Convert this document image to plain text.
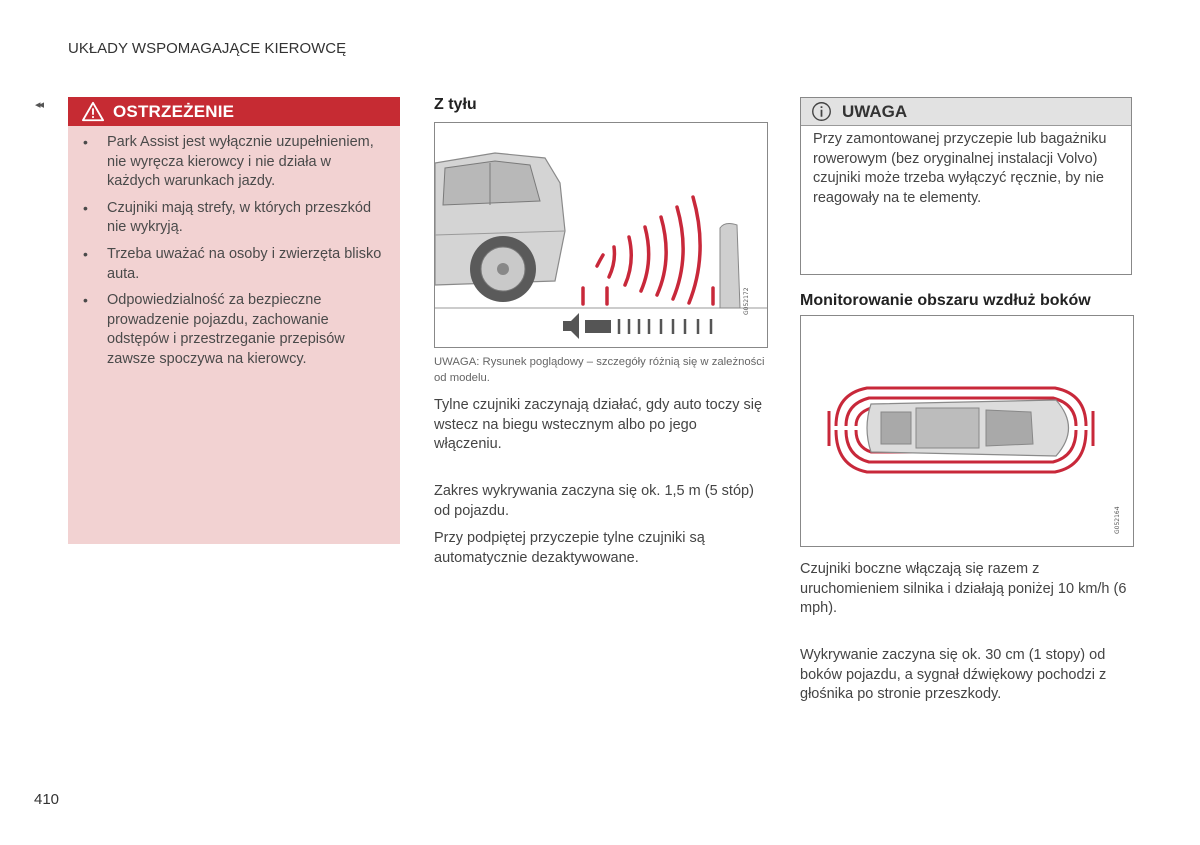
UKŁADY WSPOMAGAJĄCE KIEROWCĘ
◂◂	OSTRZEŻENIE
• Park Assist jest wyłącznie uzupełnieniem, nie wyręcza kierowcy i nie działa w każdych warunkach jazdy.
• Czujniki mają strefy, w których przeszkód nie wykryją.
• Trzeba uważać na osoby i zwierzęta blisko auta.
• Odpowiedzialność za bezpieczne prowadzenie pojazdu, zachowanie odstępów i przestrzeganie przepisów zawsze spoczywa na kierowcy.
Z tyłu
G052172
UWAGA: Rysunek poglądowy – szczegóły różnią się w zależności od modelu.

Tylne czujniki zaczynają działać, gdy auto toczy się wstecz na biegu wstecznym albo po jego włączeniu.

Zakres wykrywania zaczyna się ok. 1,5 m (5 stóp) od pojazdu.

Przy podpiętej przyczepie tylne czujniki są automatycznie dezaktywowane.

UWAGA
Przy zamontowanej przyczepie lub bagażniku rowerowym (bez oryginalnej instalacji Volvo) czujniki może trzeba wyłączyć ręcznie, by nie reagowały na te elementy.
Monitorowanie obszaru wzdłuż boków
G052164

Czujniki boczne włączają się razem z uruchomieniem silnika i działają poniżej 10 km/h (6 mph).

Wykrywanie zaczyna się ok. 30 cm (1 stopy) od boków pojazdu, a sygnał dźwiękowy pochodzi z głośnika po stronie przeszkody.

410
